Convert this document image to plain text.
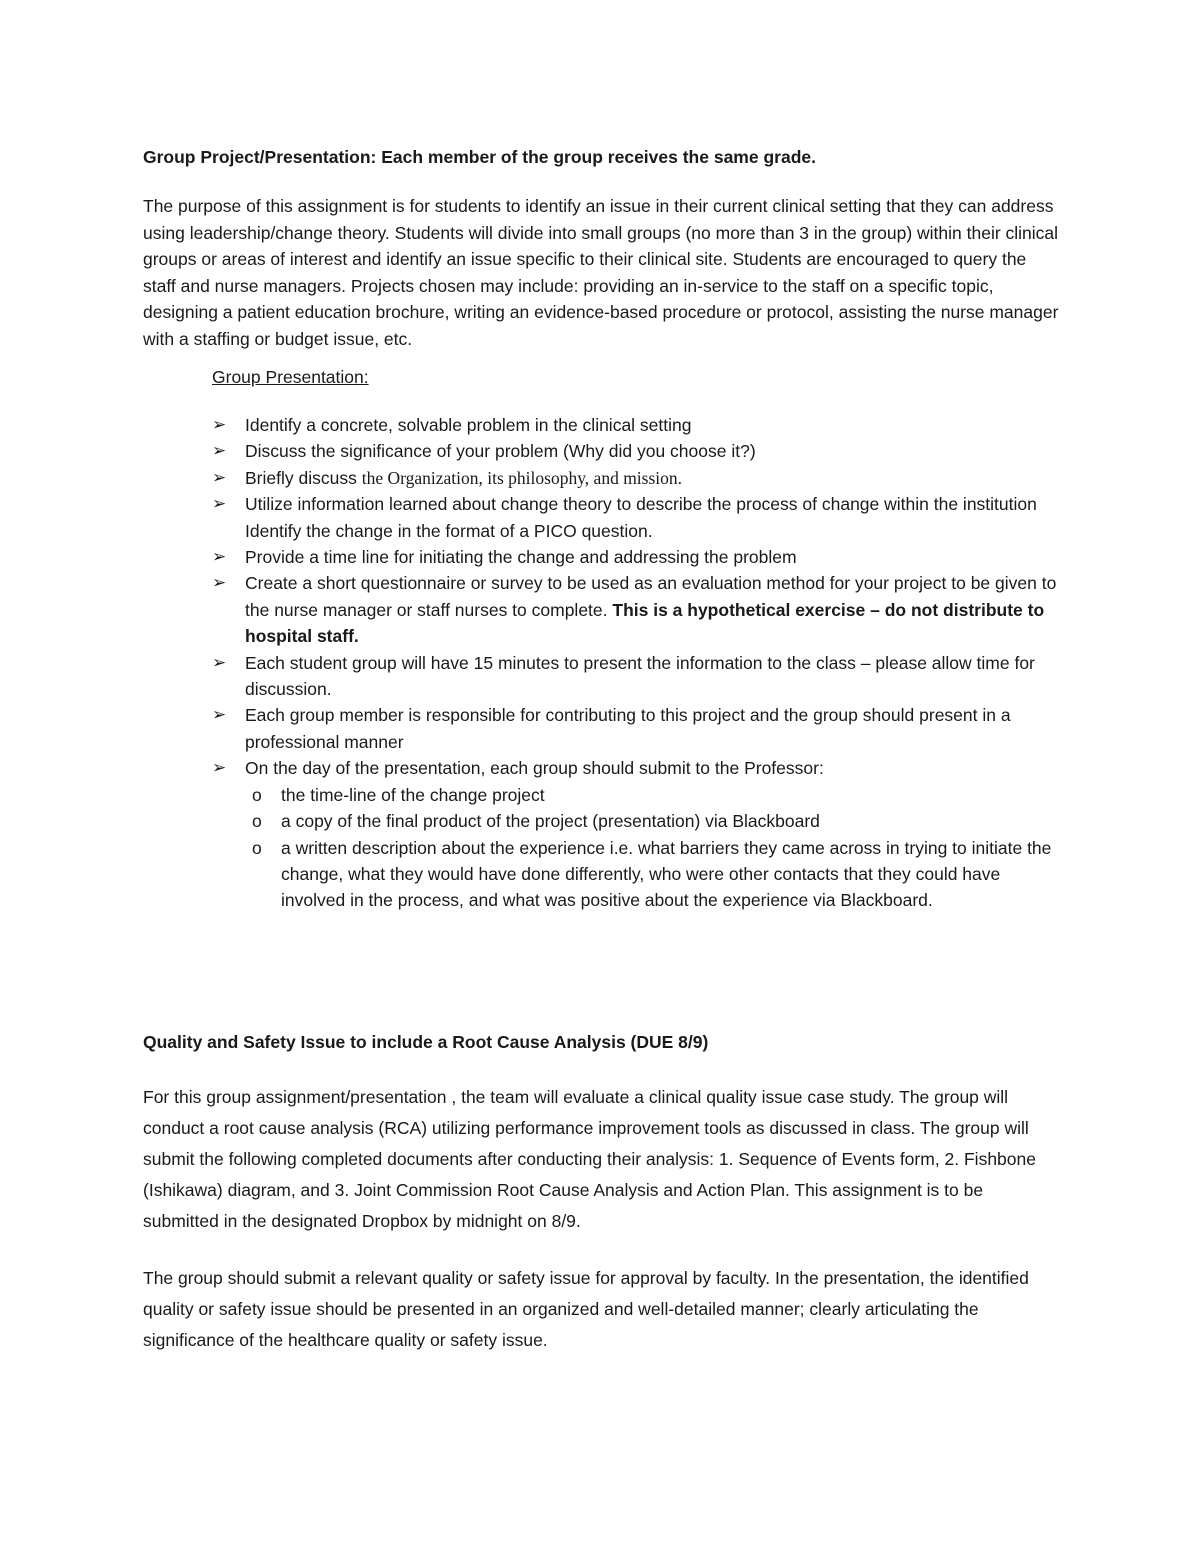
Group Project/Presentation: Each member of the group receives the same grade.

The purpose of this assignment is for students to identify an issue in their current clinical setting that they can address using leadership/change theory. Students will divide into small groups (no more than 3 in the group) within their clinical groups or areas of interest and identify an issue specific to their clinical site. Students are encouraged to query the staff and nurse managers. Projects chosen may include: providing an in-service to the staff on a specific topic, designing a patient education brochure, writing an evidence-based procedure or protocol, assisting the nurse manager with a staffing or budget issue, etc.

Group Presentation:
➢ Identify a concrete, solvable problem in the clinical setting
➢ Discuss the significance of your problem (Why did you choose it?)
➢ Briefly discuss the Organization, its philosophy, and mission.
➢ Utilize information learned about change theory to describe the process of change within the institution Identify the change in the format of a PICO question.
➢ Provide a time line for initiating the change and addressing the problem
➢ Create a short questionnaire or survey to be used as an evaluation method for your project to be given to the nurse manager or staff nurses to complete. This is a hypothetical exercise – do not distribute to hospital staff.
➢ Each student group will have 15 minutes to present the information to the class – please allow time for discussion.
➢ Each group member is responsible for contributing to this project and the group should present in a professional manner
➢ On the day of the presentation, each group should submit to the Professor:
o the time-line of the change project
o a copy of the final product of the project (presentation) via Blackboard
o a written description about the experience i.e. what barriers they came across in trying to initiate the change, what they would have done differently, who were other contacts that they could have involved in the process, and what was positive about the experience via Blackboard.

Quality and Safety Issue to include a Root Cause Analysis (DUE 8/9)

For this group assignment/presentation , the team will evaluate a clinical quality issue case study. The group will conduct a root cause analysis (RCA) utilizing performance improvement tools as discussed in class. The group will submit the following completed documents after conducting their analysis: 1. Sequence of Events form, 2. Fishbone (Ishikawa) diagram, and 3. Joint Commission Root Cause Analysis and Action Plan. This assignment is to be submitted in the designated Dropbox by midnight on 8/9.

The group should submit a relevant quality or safety issue for approval by faculty. In the presentation, the identified quality or safety issue should be presented in an organized and well-detailed manner; clearly articulating the significance of the healthcare quality or safety issue.
